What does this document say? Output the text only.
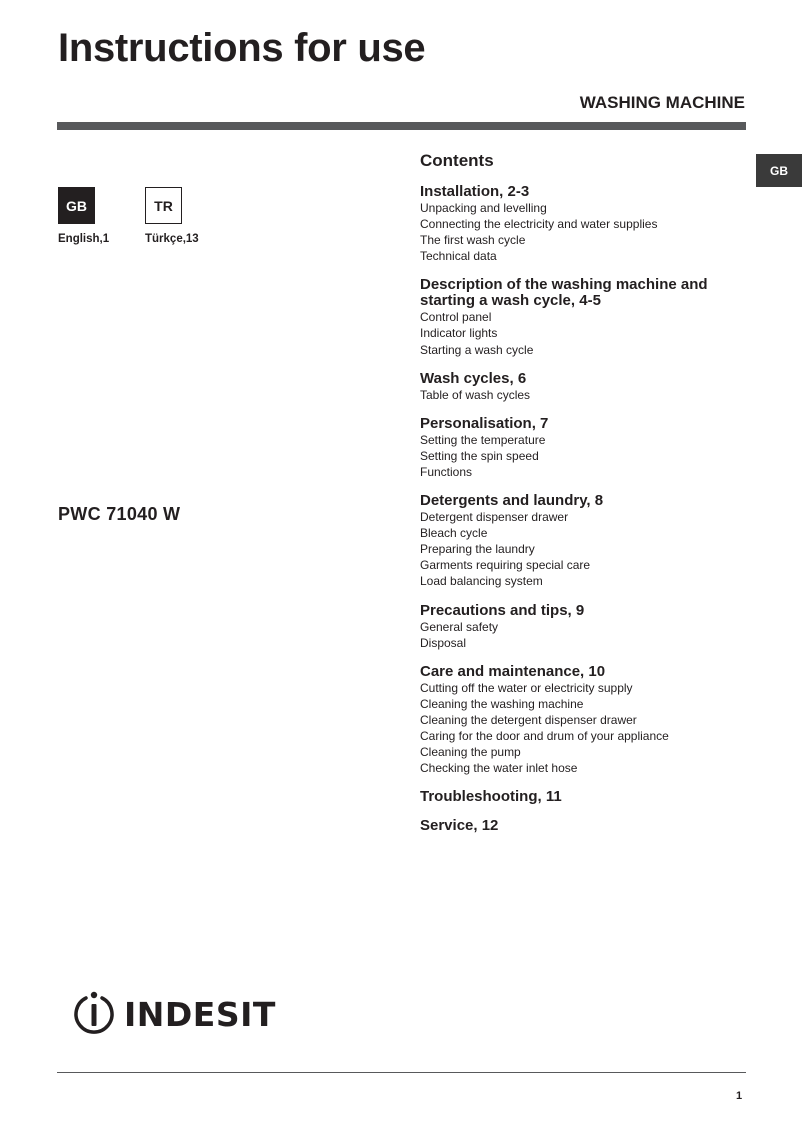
Instructions for use
WASHING MACHINE
GB
GB
English,1
TR
Türkçe,13
PWC 71040 W
Contents
Installation, 2-3
Unpacking and levelling
Connecting the electricity and water supplies
The first wash cycle
Technical data
Description of the washing machine and starting a wash cycle, 4-5
Control panel
Indicator lights
Starting a wash cycle
Wash cycles, 6
Table of wash cycles
Personalisation, 7
Setting the temperature
Setting the spin speed
Functions
Detergents and laundry, 8
Detergent dispenser drawer
Bleach cycle
Preparing the laundry
Garments requiring special care
Load balancing system
Precautions and tips, 9
General safety
Disposal
Care and maintenance, 10
Cutting off the water or electricity supply
Cleaning the washing machine
Cleaning the detergent dispenser drawer
Caring for the door and drum of your appliance
Cleaning the pump
Checking the water inlet hose
Troubleshooting, 11
Service, 12
INDESIT
1
